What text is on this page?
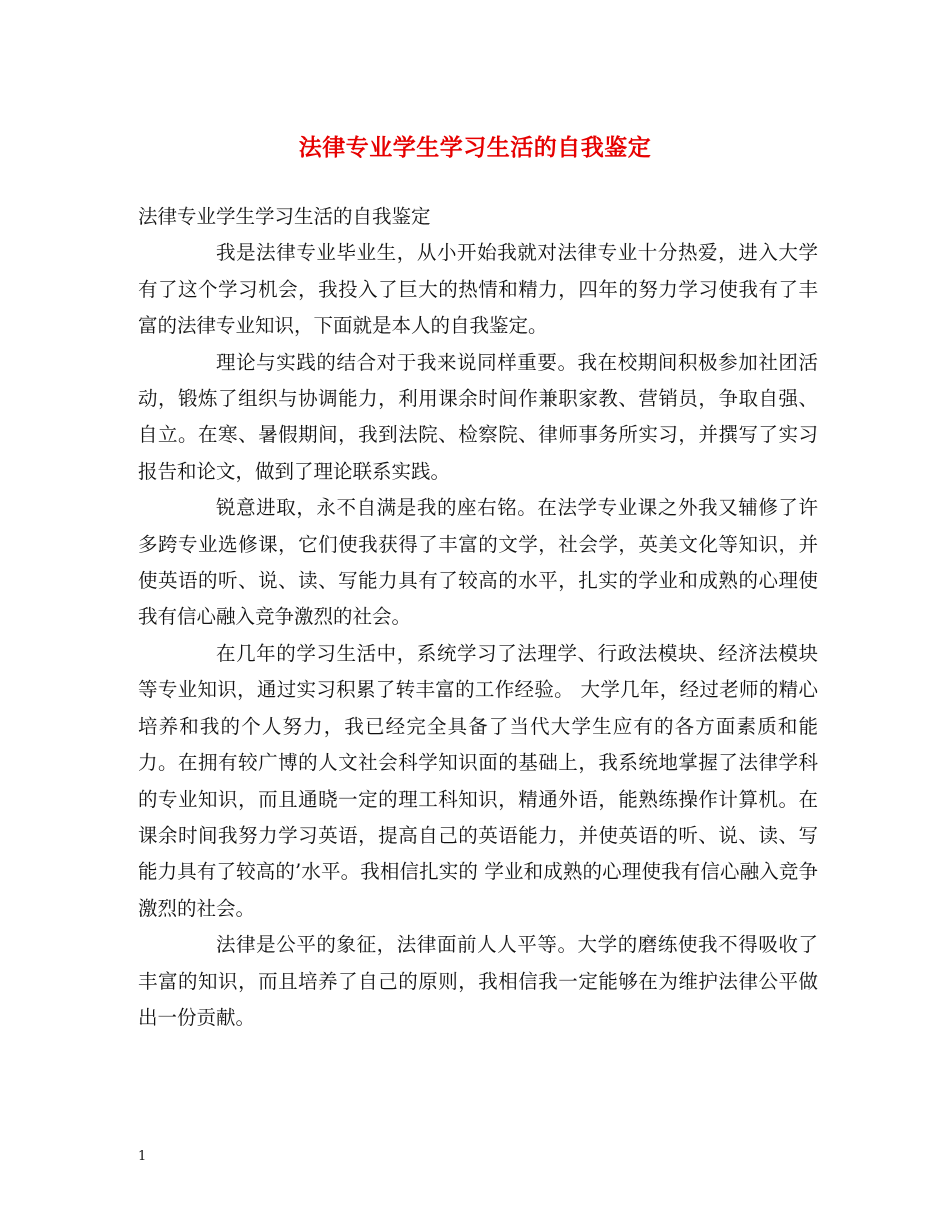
法律专业学生学习生活的自我鉴定

法律专业学生学习生活的自我鉴定

我是法律专业毕业生，从小开始我就对法律专业十分热爱，进入大学有了这个学习机会，我投入了巨大的热情和精力，四年的努力学习使我有了丰富的法律专业知识，下面就是本人的自我鉴定。

理论与实践的结合对于我来说同样重要。我在校期间积极参加社团活动，锻炼了组织与协调能力，利用课余时间作兼职家教、营销员，争取自强、自立。在寒、暑假期间，我到法院、检察院、律师事务所实习，并撰写了实习报告和论文，做到了理论联系实践。

锐意进取，永不自满是我的座右铭。在法学专业课之外我又辅修了许多跨专业选修课，它们使我获得了丰富的文学，社会学，英美文化等知识，并使英语的听、说、读、写能力具有了较高的水平，扎实的学业和成熟的心理使我有信心融入竞争激烈的社会。

在几年的学习生活中，系统学习了法理学、行政法模块、经济法模块等专业知识，通过实习积累了转丰富的工作经验。 大学几年，经过老师的精心培养和我的个人努力，我已经完全具备了当代大学生应有的各方面素质和能力。在拥有较广博的人文社会科学知识面的基础上，我系统地掌握了法律学科的专业知识，而且通晓一定的理工科知识，精通外语，能熟练操作计算机。在课余时间我努力学习英语，提高自己的英语能力，并使英语的听、说、读、写能力具有了较高的’水平。我相信扎实的 学业和成熟的心理使我有信心融入竞争激烈的社会。

法律是公平的象征，法律面前人人平等。大学的磨练使我不得吸收了丰富的知识，而且培养了自己的原则，我相信我一定能够在为维护法律公平做出一份贡献。

1
